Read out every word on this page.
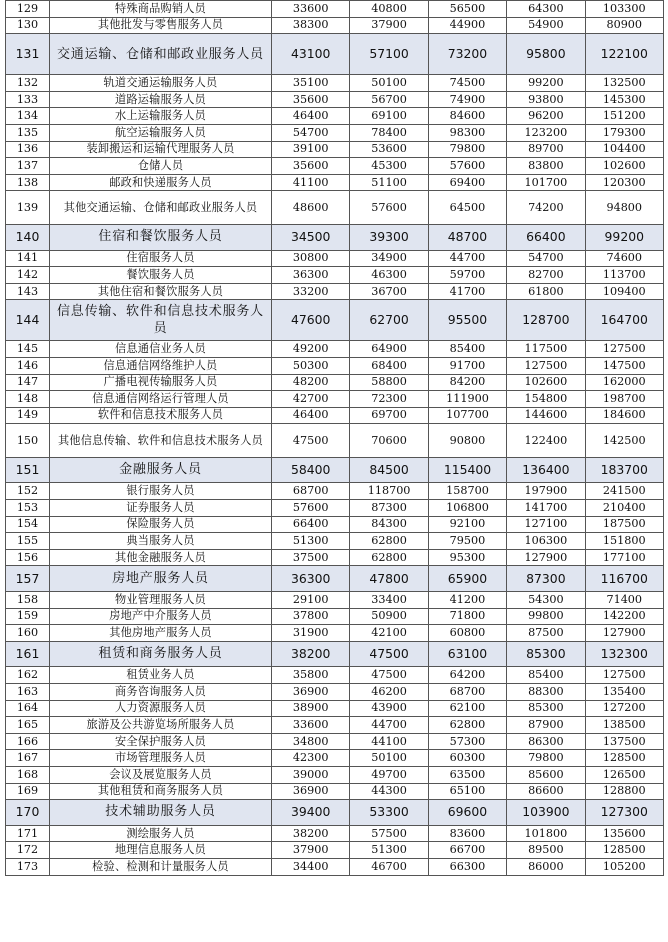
129	特殊商品购销人员	33600	40800	56500	64300	103300
130	其他批发与零售服务人员	38300	37900	44900	54900	80900
131	交通运输、仓储和邮政业服务人员	43100	57100	73200	95800	122100
132	轨道交通运输服务人员	35100	50100	74500	99200	132500
133	道路运输服务人员	35600	56700	74900	93800	145300
134	水上运输服务人员	46400	69100	84600	96200	151200
135	航空运输服务人员	54700	78400	98300	123200	179300
136	装卸搬运和运输代理服务人员	39100	53600	79800	89700	104400
137	仓储人员	35600	45300	57600	83800	102600
138	邮政和快递服务人员	41100	51100	69400	101700	120300
139	其他交通运输、仓储和邮政业服务人员	48600	57600	64500	74200	94800
140	住宿和餐饮服务人员	34500	39300	48700	66400	99200
141	住宿服务人员	30800	34900	44700	54700	74600
142	餐饮服务人员	36300	46300	59700	82700	113700
143	其他住宿和餐饮服务人员	33200	36700	41700	61800	109400
144	信息传输、软件和信息技术服务人员	47600	62700	95500	128700	164700
145	信息通信业务人员	49200	64900	85400	117500	127500
146	信息通信网络维护人员	50300	68400	91700	127500	147500
147	广播电视传输服务人员	48200	58800	84200	102600	162000
148	信息通信网络运行管理人员	42700	72300	111900	154800	198700
149	软件和信息技术服务人员	46400	69700	107700	144600	184600
150	其他信息传输、软件和信息技术服务人员	47500	70600	90800	122400	142500
151	金融服务人员	58400	84500	115400	136400	183700
152	银行服务人员	68700	118700	158700	197900	241500
153	证券服务人员	57600	87300	106800	141700	210400
154	保险服务人员	66400	84300	92100	127100	187500
155	典当服务人员	51300	62800	79500	106300	151800
156	其他金融服务人员	37500	62800	95300	127900	177100
157	房地产服务人员	36300	47800	65900	87300	116700
158	物业管理服务人员	29100	33400	41200	54300	71400
159	房地产中介服务人员	37800	50900	71800	99800	142200
160	其他房地产服务人员	31900	42100	60800	87500	127900
161	租赁和商务服务人员	38200	47500	63100	85300	132300
162	租赁业务人员	35800	47500	64200	85400	127500
163	商务咨询服务人员	36900	46200	68700	88300	135400
164	人力资源服务人员	38900	43900	62100	85300	127200
165	旅游及公共游览场所服务人员	33600	44700	62800	87900	138500
166	安全保护服务人员	34800	44100	57300	86300	137500
167	市场管理服务人员	42300	50100	60300	79800	128500
168	会议及展览服务人员	39000	49700	63500	85600	126500
169	其他租赁和商务服务人员	36900	44300	65100	86600	128800
170	技术辅助服务人员	39400	53300	69600	103900	127300
171	测绘服务人员	38200	57500	83600	101800	135600
172	地理信息服务人员	37900	51300	66700	89500	128500
173	检验、检测和计量服务人员	34400	46700	66300	86000	105200
